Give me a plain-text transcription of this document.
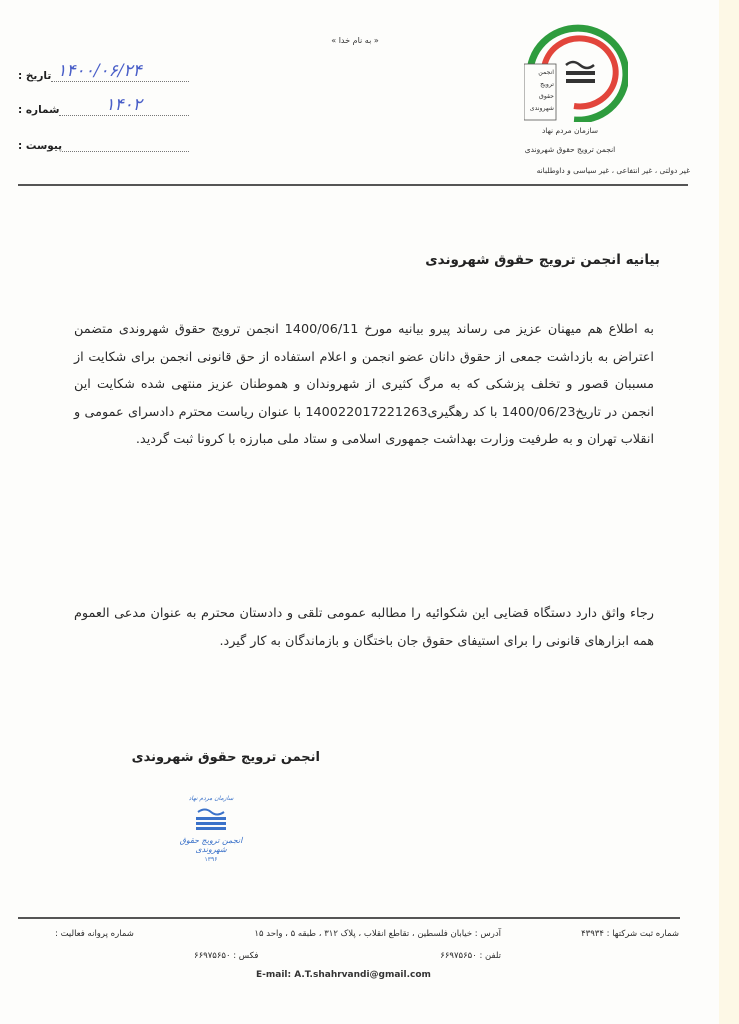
« به نام خدا »
تاریخ : ۱۴۰۰/۰۶/۲۴
شماره :	۱۴۰۲
پیوست :
انجمن
ترویج
حقوق
شهروندی
سازمان مردم نهاد
انجمن ترویج حقوق شهروندی
غیر دولتی ، غیر انتفاعی ، غیر سیاسی و داوطلبانه
بیانیه انجمن ترویج حقوق شهروندی

به اطلاع هم میهنان عزیز می رساند پیرو بیانیه مورخ 1400/06/11 انجمن ترویج حقوق شهروندی متضمن اعتراض به بازداشت جمعی از حقوق دانان عضو انجمن و اعلام استفاده از حق قانونی انجمن برای شکایت از مسببان قصور و تخلف پزشکی که به مرگ کثیری از شهروندان و هموطنان عزیز منتهی شده شکایت این انجمن در تاریخ1400/06/23 با کد رهگیری140022017221263 با عنوان ریاست محترم دادسرای عمومی و انقلاب تهران و به طرفیت وزارت بهداشت جمهوری اسلامی و ستاد ملی مبارزه با کرونا ثبت گردید.

رجاء واثق دارد دستگاه قضایی این شکوائیه را مطالبه عمومی تلقی و دادستان محترم به عنوان مدعی العموم همه ابزارهای قانونی را برای استیفای حقوق جان باختگان و بازماندگان به کار گیرد.

انجمن ترویج حقوق شهروندی
سازمان مردم نهاد
انجمن ترویج حقوق شهروندی
۱۳۹۶
شماره ثبت شرکتها : ۴۳۹۳۴
آدرس : خیابان فلسطین ، تقاطع انقلاب ، پلاک ۳۱۲ ، طبقه ۵ ، واحد ۱۵
شماره پروانه فعالیت :
تلفن : ۶۶۹۷۵۶۵۰
فکس : ۶۶۹۷۵۶۵۰
E-mail: A.T.shahrvandi@gmail.com
